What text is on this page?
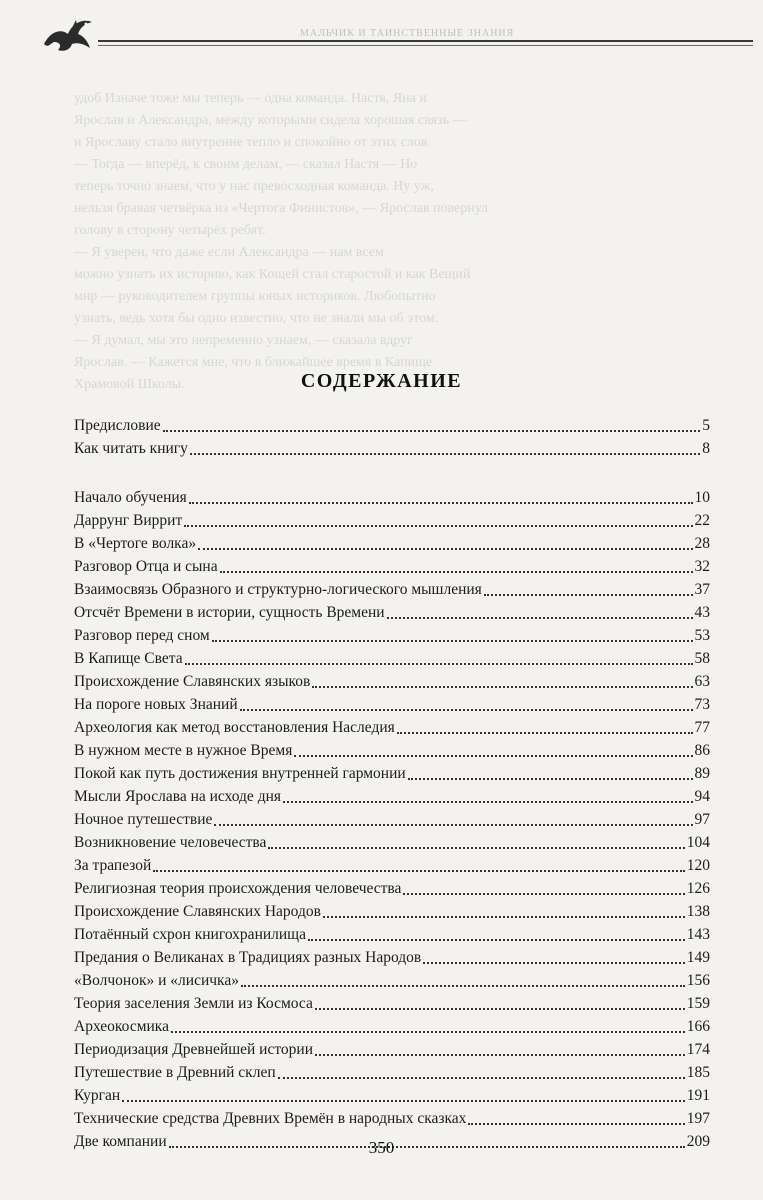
МАЛЬЧИК И ТАИНСТВЕННЫЕ ЗНАНИЯ

удоб Изначе тоже мы теперь — одна команда. Настя, Яна и

Ярослав и Александра, между которыми сидела хорошая связь —

и Ярославу стало внутренне тепло и спокойно от этих слов.

— Тогда — вперёд, к своим делам, — сказал Настя — Но

теперь точно знаем, что у нас превосходная команда. Ну уж,

нельзя бравая четвёрка из «Чертога Финистов», — Ярослав повернул

голову в сторону четырёх ребят.

— Я уверен, что даже если Александра — нам всем

можно узнать их историю, как Кощей стал старостой и как Вещий

мир — руководителем группы юных историков. Любопытно

узнать, ведь хотя бы одно известно, что не знали мы об этом.

— Я думал, мы это непременно узнаем, — сказала вдруг

Ярослав. — Кажется мне, что в ближайшее время в Капище

Храмовой Школы.	СОДЕРЖАНИЕ
Предисловие	5
Как читать книгу	8
Начало обучения	10
Даррунг Виррит	22
В «Чертоге волка»	28
Разговор Отца и сына	32
Взаимосвязь Образного и структурно-логического мышления	37
Отсчёт Времени в истории, сущность Времени	43
Разговор перед сном	53
В Капище Света	58
Происхождение Славянских языков	63
На пороге новых Знаний	73
Археология как метод восстановления Наследия	77
В нужном месте в нужное Время	86
Покой как путь достижения внутренней гармонии	89
Мысли Ярослава на исходе дня	94
Ночное путешествие	97
Возникновение человечества	104
За трапезой	120
Религиозная теория происхождения человечества	126
Происхождение Славянских Народов	138
Потаённый схрон книгохранилища	143
Предания о Великанах в Традициях разных Народов	149
«Волчонок» и «лисичка»	156
Теория заселения Земли из Космоса	159
Археокосмика	166
Периодизация Древнейшей истории	174
Путешествие в Древний склеп	185
Курган	191
Технические средства Древних Времён в народных сказках	197
Две компании	209
350
